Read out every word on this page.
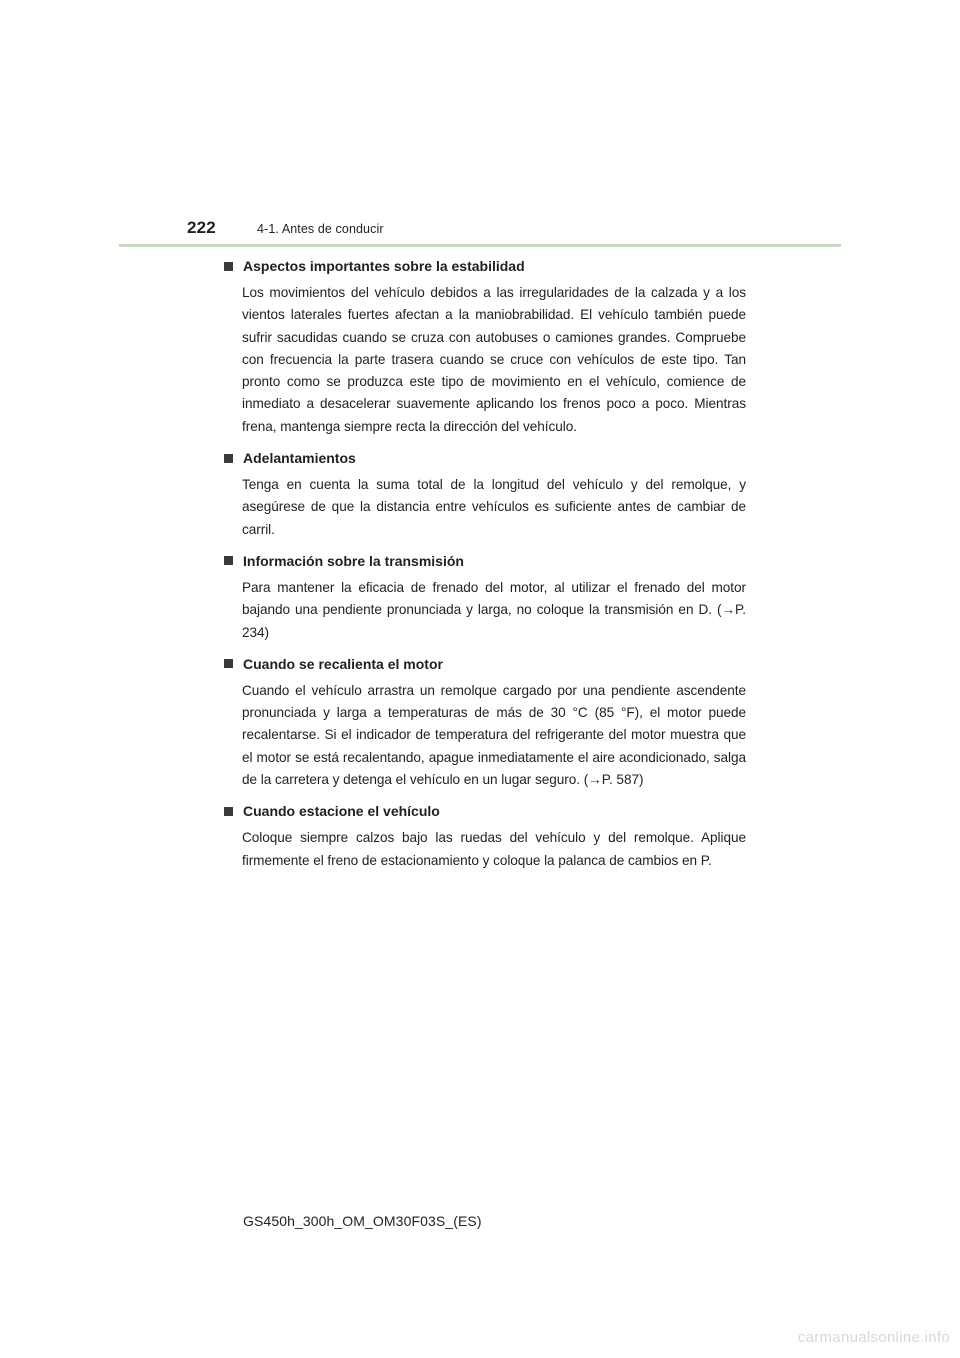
222	4-1. Antes de conducir
Aspectos importantes sobre la estabilidad
Los movimientos del vehículo debidos a las irregularidades de la calzada y a los vientos laterales fuertes afectan a la maniobrabilidad. El vehículo también puede sufrir sacudidas cuando se cruza con autobuses o camiones grandes. Compruebe con frecuencia la parte trasera cuando se cruce con vehículos de este tipo. Tan pronto como se produzca este tipo de movimiento en el vehículo, comience de inmediato a desacelerar suavemente aplicando los frenos poco a poco. Mientras frena, mantenga siempre recta la dirección del vehículo.
Adelantamientos
Tenga en cuenta la suma total de la longitud del vehículo y del remolque, y asegúrese de que la distancia entre vehículos es suficiente antes de cambiar de carril.
Información sobre la transmisión
Para mantener la eficacia de frenado del motor, al utilizar el frenado del motor bajando una pendiente pronunciada y larga, no coloque la transmisión en D. (→P. 234)
Cuando se recalienta el motor
Cuando el vehículo arrastra un remolque cargado por una pendiente ascendente pronunciada y larga a temperaturas de más de 30 °C (85 °F), el motor puede recalentarse. Si el indicador de temperatura del refrigerante del motor muestra que el motor se está recalentando, apague inmediatamente el aire acondicionado, salga de la carretera y detenga el vehículo en un lugar seguro. (→P. 587)
Cuando estacione el vehículo
Coloque siempre calzos bajo las ruedas del vehículo y del remolque. Aplique firmemente el freno de estacionamiento y coloque la palanca de cambios en P.
GS450h_300h_OM_OM30F03S_(ES)
carmanualsonline.info
